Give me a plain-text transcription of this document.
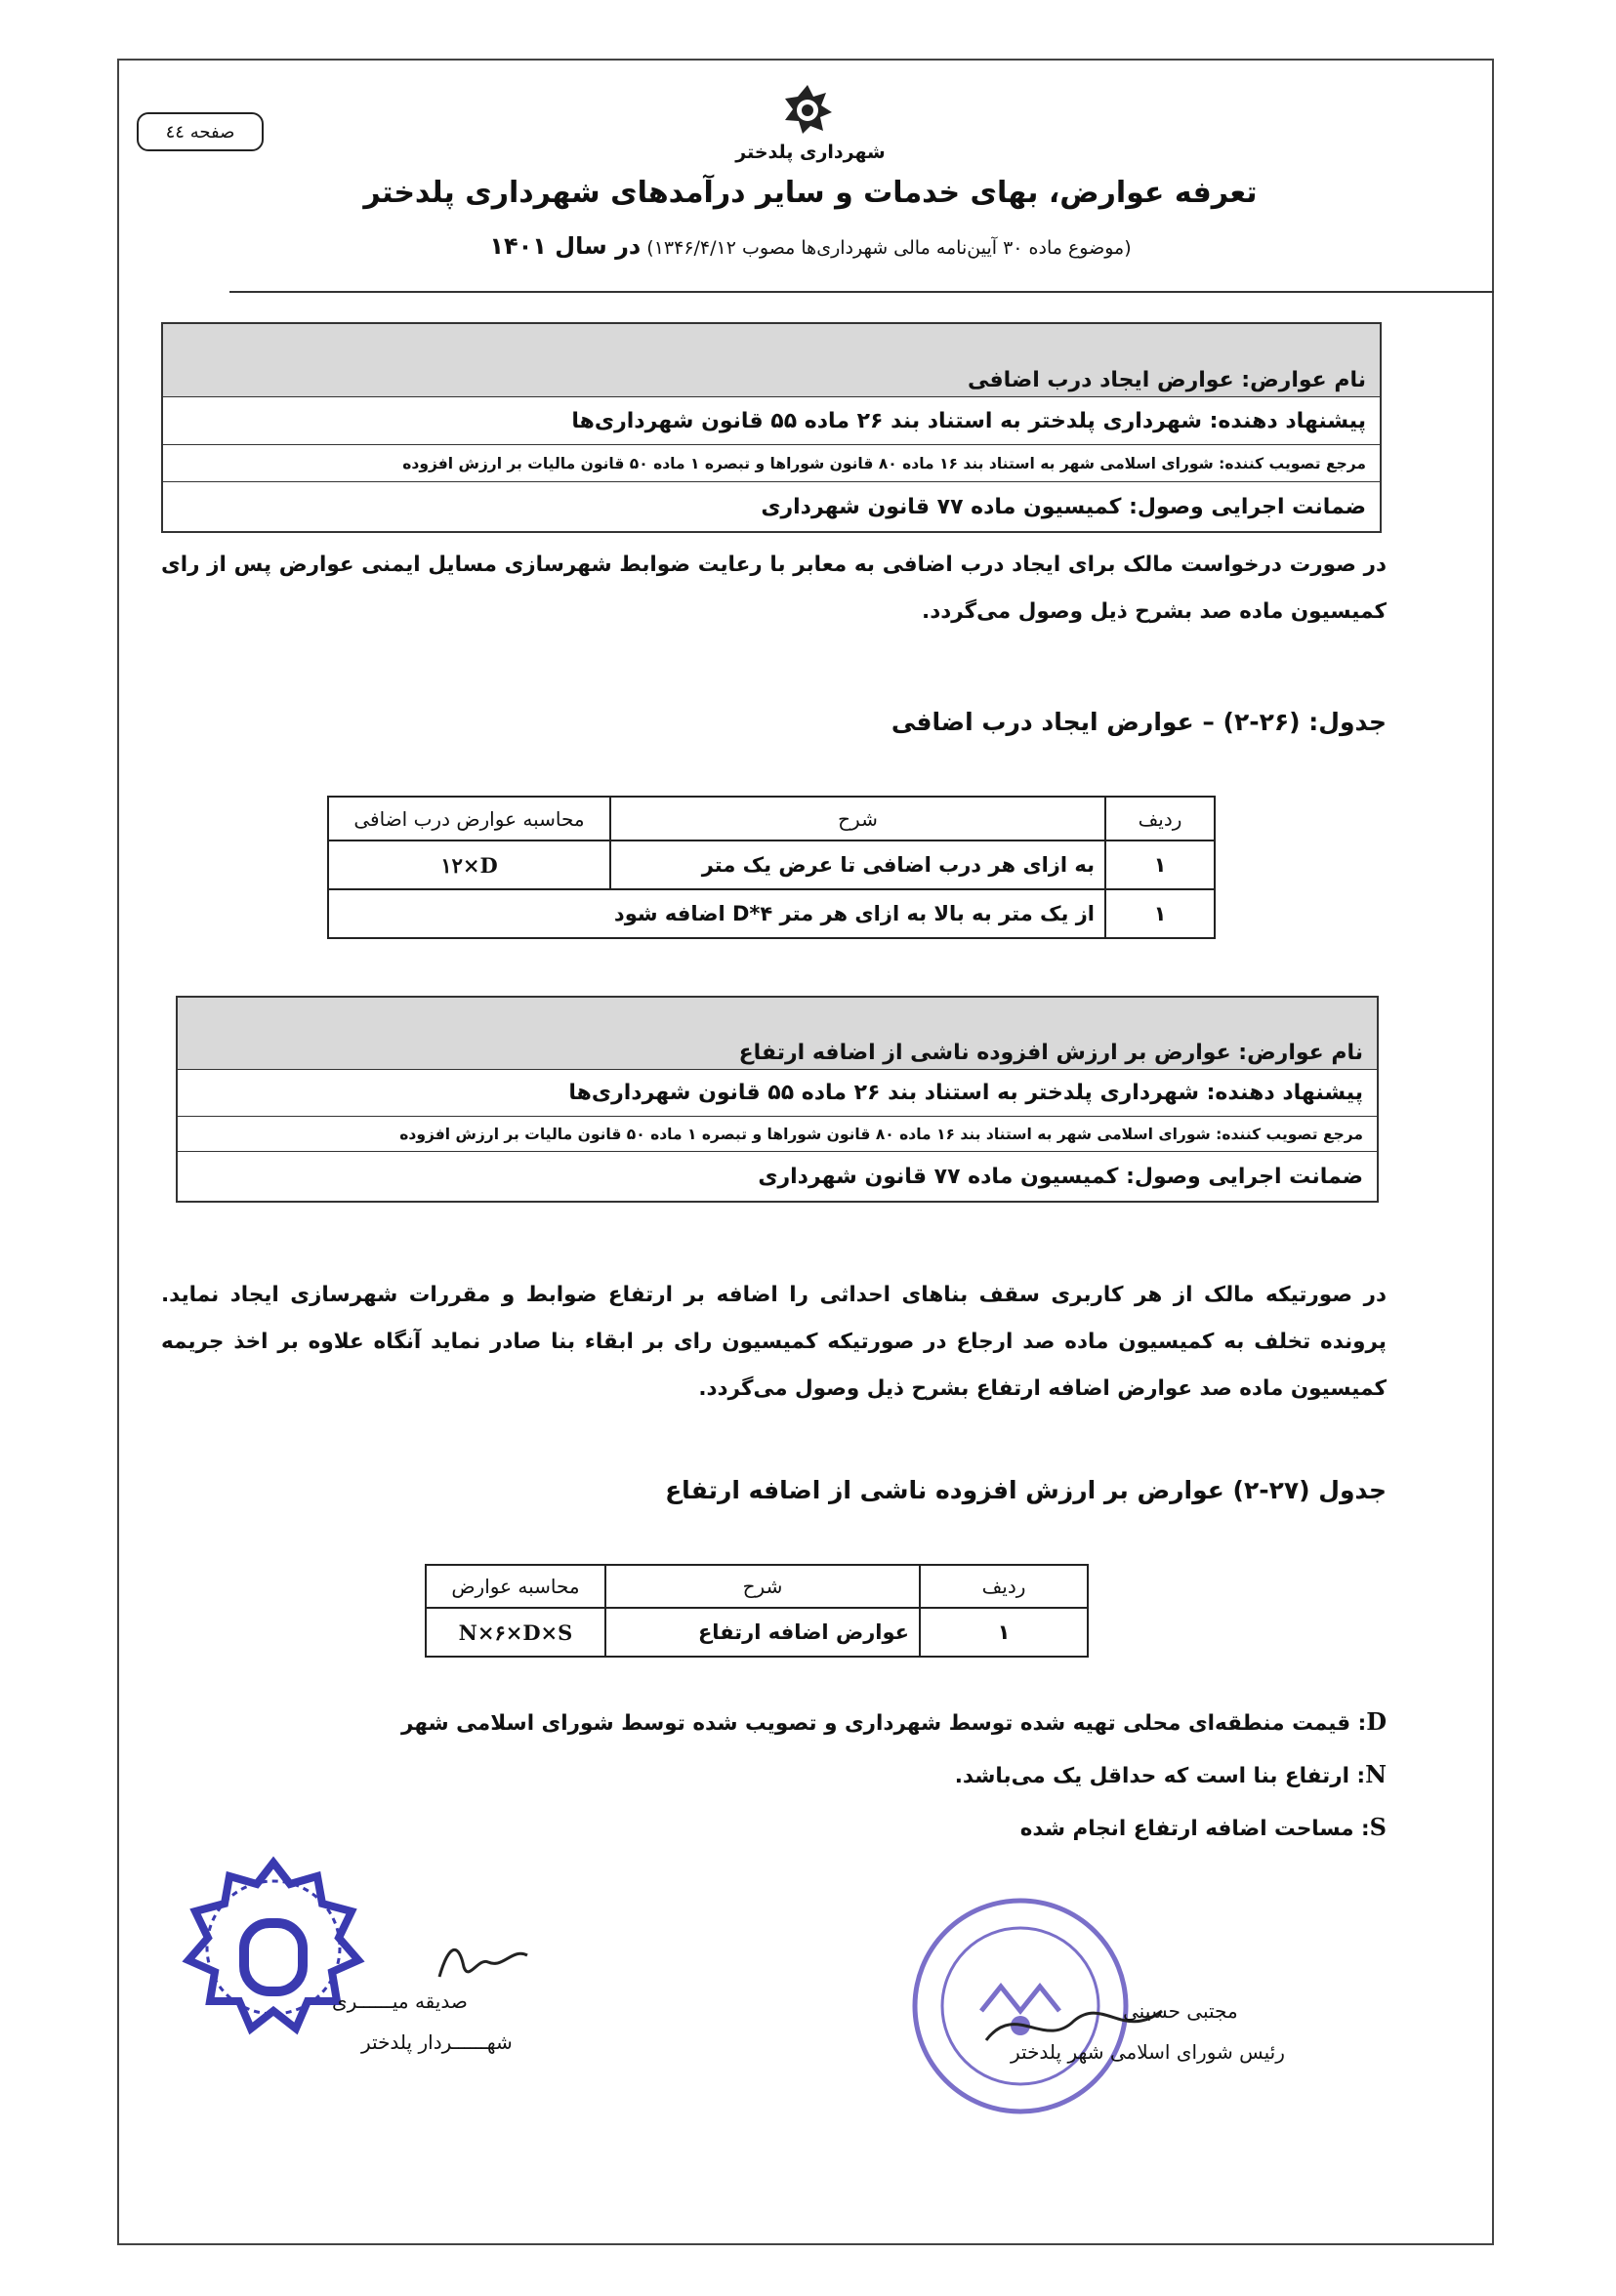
صفحه ٤٤
شهرداری پلدختر
تعرفه عوارض، بهای خدمات و سایر درآمدهای شهرداری پلدختر
(موضوع ماده ۳۰ آیین‌نامه مالی شهرداری‌ها مصوب ۱۳۴۶/۴/۱۲) در سال ۱۴۰۱
نام عوارض: عوارض ایجاد درب اضافی
پیشنهاد دهنده: شهرداری پلدختر به استناد بند ۲۶ ماده ۵۵ قانون شهرداری‌ها
مرجع تصویب کننده: شورای اسلامی شهر به استناد بند ۱۶ ماده ۸۰ قانون شوراها و تبصره ۱ ماده ۵۰ قانون مالیات بر ارزش افزوده
ضمانت اجرایی وصول: کمیسیون ماده ۷۷ قانون شهرداری
در صورت درخواست مالک برای ایجاد درب اضافی به معابر با رعایت ضوابط شهرسازی مسایل ایمنی عوارض پس از رای کمیسیون ماده صد بشرح ذیل وصول می‌گردد.
جدول: (۲۶-۲) – عوارض ایجاد درب اضافی
ردیف	شرح	محاسبه عوارض درب اضافی
۱	به ازای هر درب اضافی تا عرض یک متر	۱۲×D
۱	از یک متر به بالا به ازای هر متر D*۴ اضافه شود	
نام عوارض: عوارض بر ارزش افزوده ناشی از اضافه ارتفاع
پیشنهاد دهنده: شهرداری پلدختر به استناد بند ۲۶ ماده ۵۵ قانون شهرداری‌ها
مرجع تصویب کننده: شورای اسلامی شهر به استناد بند ۱۶ ماده ۸۰ قانون شوراها و تبصره ۱ ماده ۵۰ قانون مالیات بر ارزش افزوده
ضمانت اجرایی وصول: کمیسیون ماده ۷۷ قانون شهرداری
در صورتیکه مالک از هر کاربری سقف بناهای احداثی را اضافه بر ارتفاع ضوابط و مقررات شهرسازی ایجاد نماید. پرونده تخلف به کمیسیون ماده صد ارجاع در صورتیکه کمیسیون رای بر ابقاء بنا صادر نماید آنگاه علاوه بر اخذ جریمه کمیسیون ماده صد عوارض اضافه ارتفاع بشرح ذیل وصول می‌گردد.
جدول (۲۷-۲) عوارض بر ارزش افزوده ناشی از اضافه ارتفاع
ردیف	شرح	محاسبه عوارض
۱	عوارض اضافه ارتفاع	N×۶×D×S
D: قیمت منطقه‌ای محلی تهیه شده توسط شهرداری و تصویب شده توسط شورای اسلامی شهر
N: ارتفاع بنا است که حداقل یک می‌باشد.
S: مساحت اضافه ارتفاع انجام شده
صدیقه میــــــری
شهــــــردار پلدختر
مجتبی حسینی
رئیس شورای اسلامی شهر پلدختر
